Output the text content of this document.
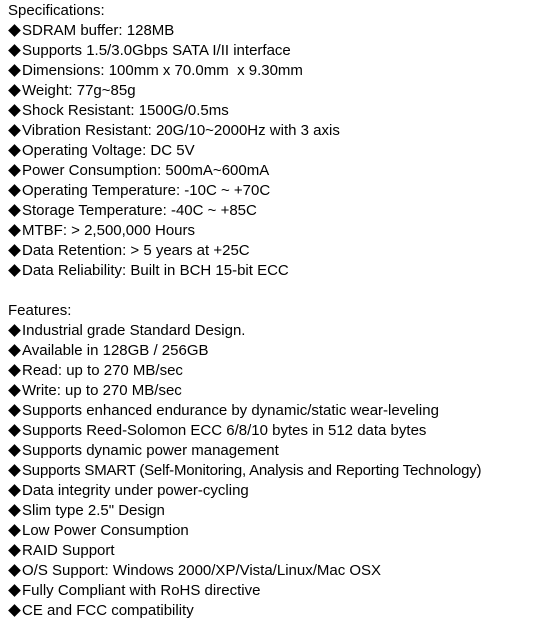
Specifications:
SDRAM buffer: 128MB
Supports 1.5/3.0Gbps SATA I/II interface
Dimensions: 100mm x 70.0mm  x 9.30mm
Weight: 77g~85g
Shock Resistant: 1500G/0.5ms
Vibration Resistant: 20G/10~2000Hz with 3 axis
Operating Voltage: DC 5V
Power Consumption: 500mA~600mA
Operating Temperature: -10C ~ +70C
Storage Temperature: -40C ~ +85C
MTBF: > 2,500,000 Hours
Data Retention: > 5 years at +25C
Data Reliability: Built in BCH 15-bit ECC
Features:
Industrial grade Standard Design.
Available in 128GB / 256GB
Read: up to 270 MB/sec
Write: up to 270 MB/sec
Supports enhanced endurance by dynamic/static wear-leveling
Supports Reed-Solomon ECC 6/8/10 bytes in 512 data bytes
Supports dynamic power management
Supports SMART (Self-Monitoring, Analysis and Reporting Technology)
Data integrity under power-cycling
Slim type 2.5" Design
Low Power Consumption
RAID Support
O/S Support: Windows 2000/XP/Vista/Linux/Mac OSX
Fully Compliant with RoHS directive
CE and FCC compatibility
